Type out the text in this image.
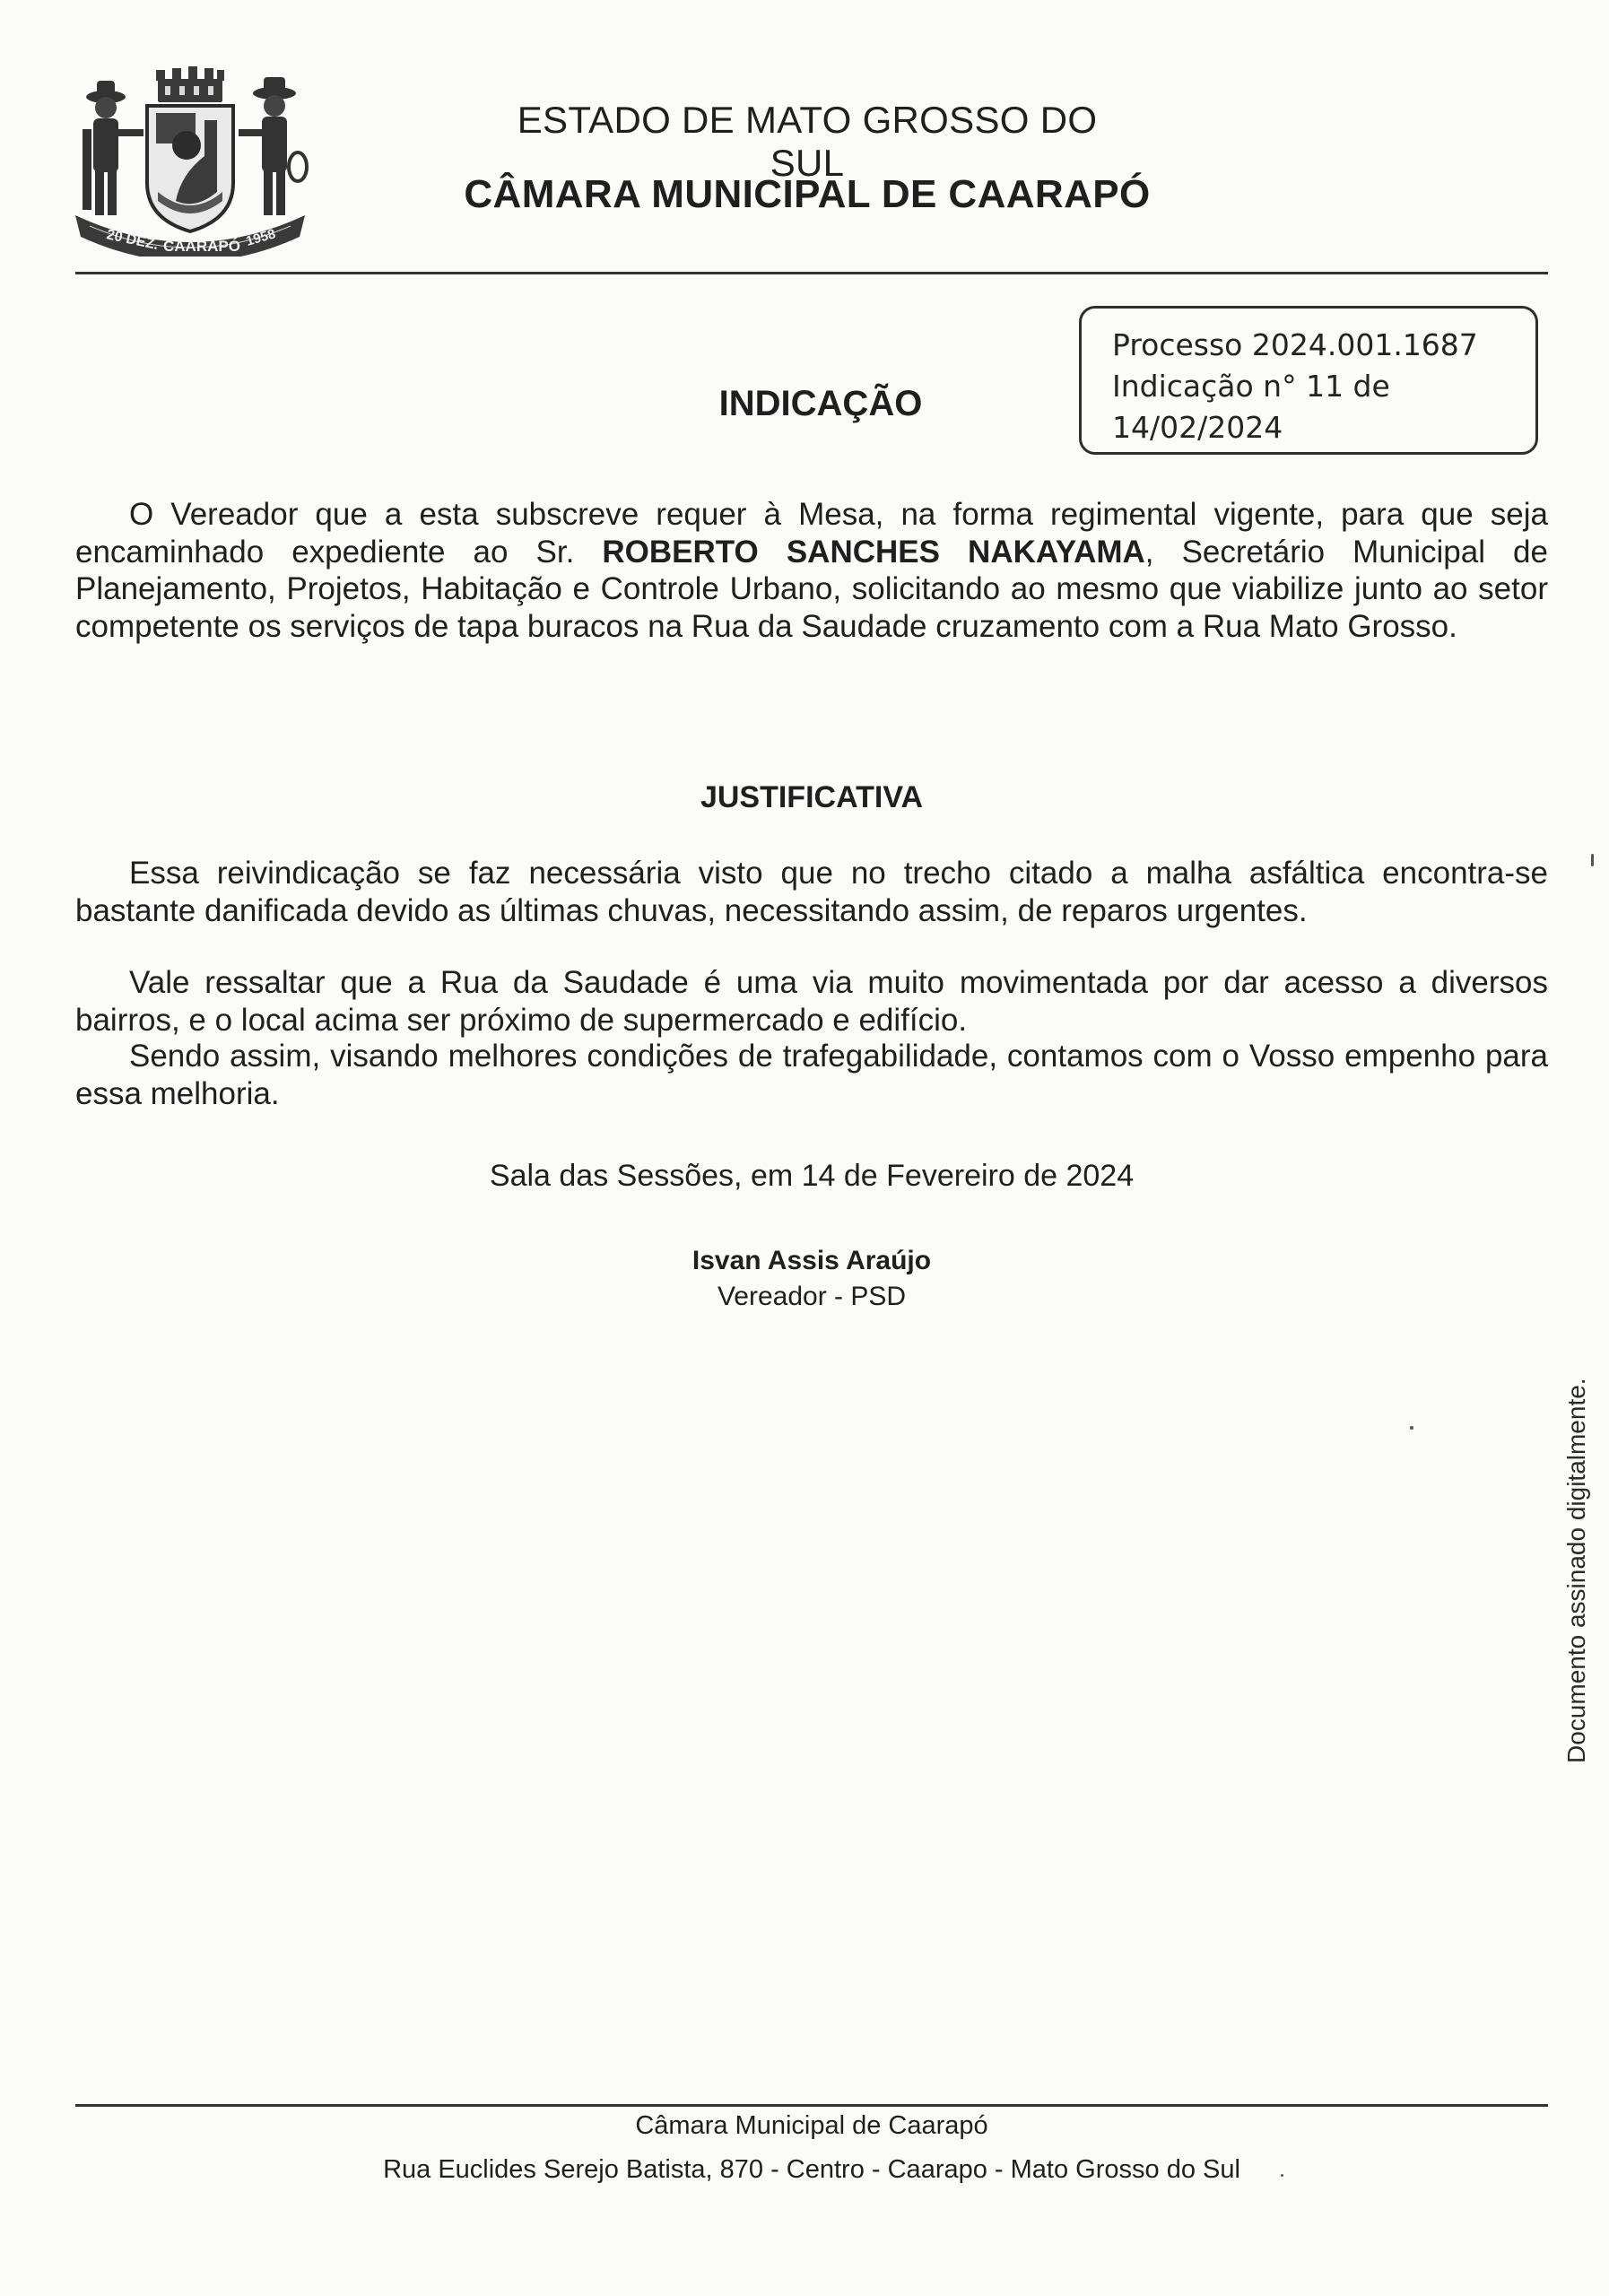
20 DEZ. CAARAPÓ 1958
ESTADO DE MATO GROSSO DO SUL
CÂMARA MUNICIPAL DE CAARAPÓ
Processo 2024.001.1687
Indicação n° 11 de
14/02/2024
INDICAÇÃO
O Vereador que a esta subscreve requer à Mesa, na forma regimental vigente, para que seja encaminhado expediente ao Sr. ROBERTO SANCHES NAKAYAMA, Secretário Municipal de Planejamento, Projetos, Habitação e Controle Urbano, solicitando ao mesmo que viabilize junto ao setor competente os serviços de tapa buracos na Rua da Saudade cruzamento com a Rua Mato Grosso.
JUSTIFICATIVA
Essa reivindicação se faz necessária visto que no trecho citado a malha asfáltica encontra-se bastante danificada devido as últimas chuvas, necessitando assim, de reparos urgentes.
Vale ressaltar que a Rua da Saudade é uma via muito movimentada por dar acesso a diversos bairros, e o local acima ser próximo de supermercado e edifício.
Sendo assim, visando melhores condições de trafegabilidade, contamos com o Vosso empenho para essa melhoria.
Sala das Sessões, em 14 de Fevereiro de 2024
Isvan Assis Araújo
Vereador - PSD
Documento assinado digitalmente.
Câmara Municipal de Caarapó
Rua Euclides Serejo Batista, 870 - Centro - Caarapo - Mato Grosso do Sul
